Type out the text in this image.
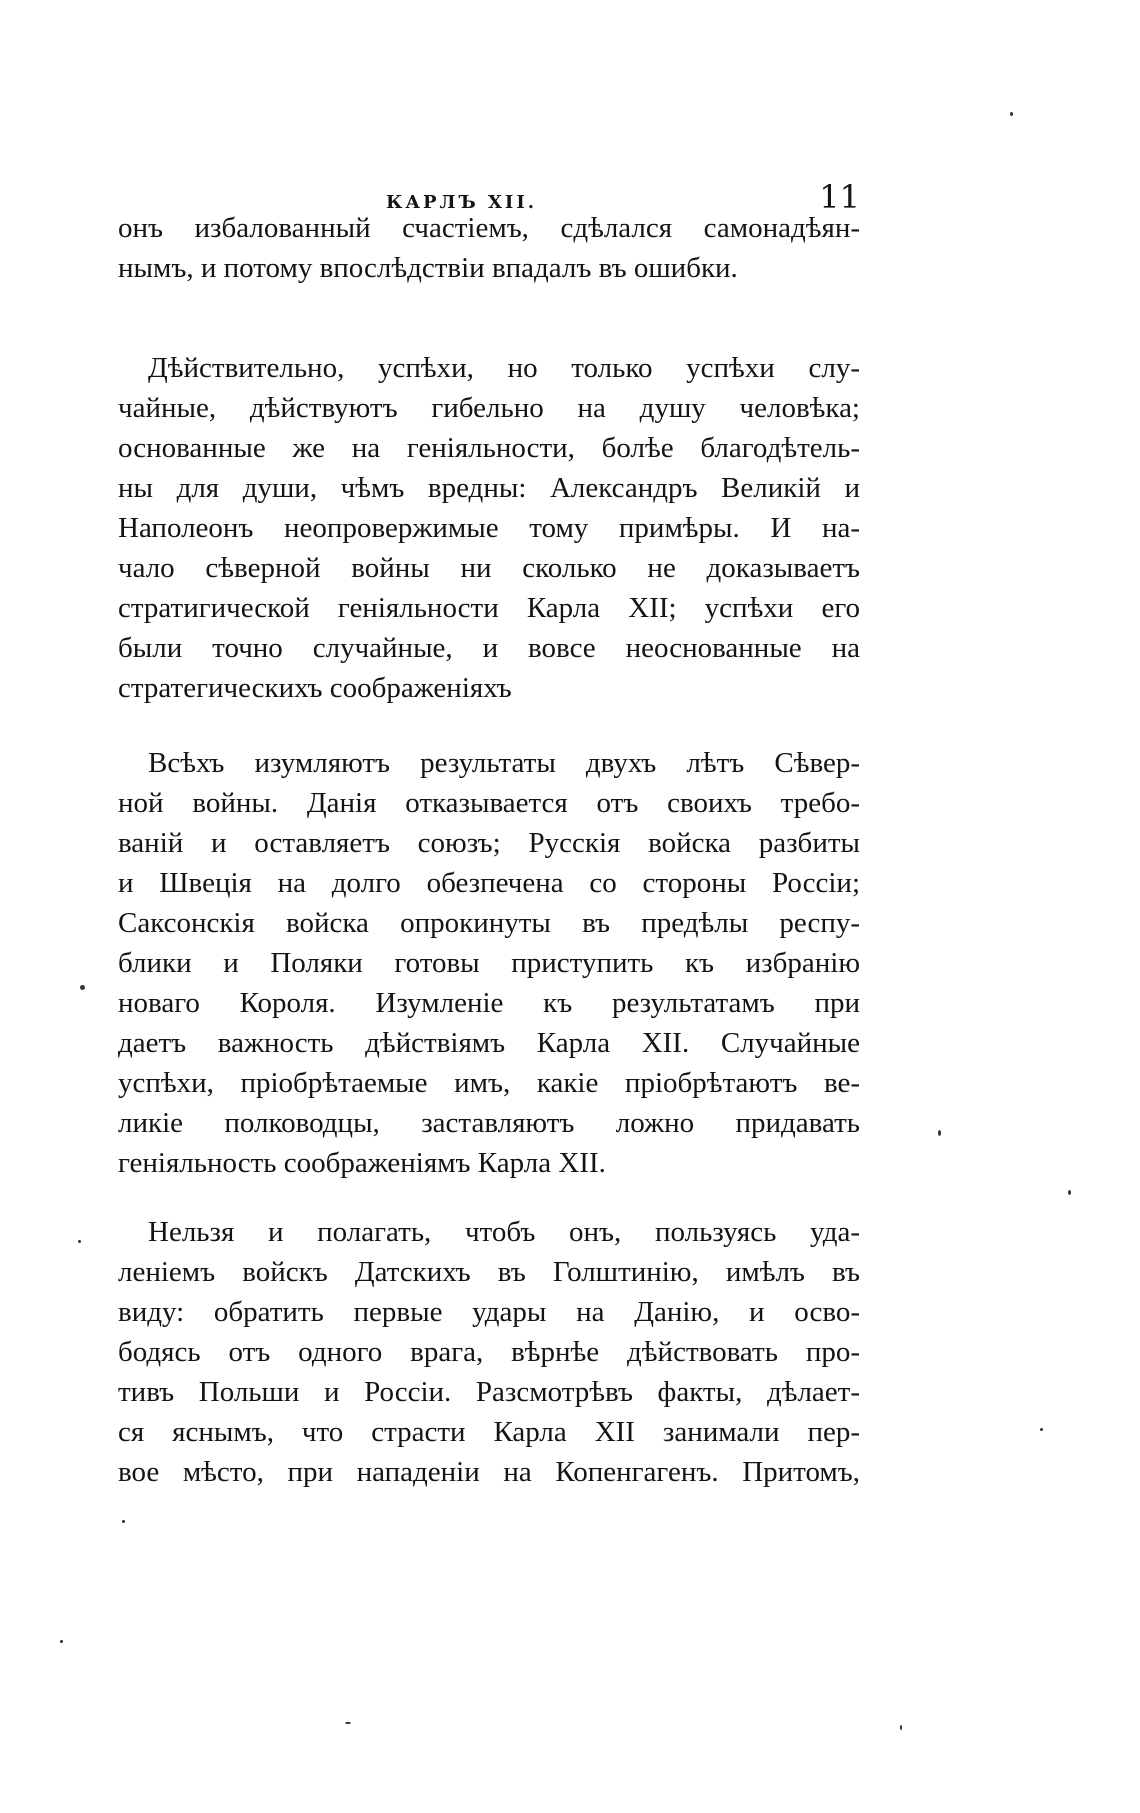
КАРЛЪ XII.	11
онъ избалованный счастіемъ, сдѣлался самонадѣян-
нымъ, и потому впослѣдствіи впадалъ въ ошибки.
Дѣйствительно, успѣхи, но только успѣхи слу-
чайные, дѣйствуютъ гибельно на душу человѣка;
основанные же на геніяльности, болѣе благодѣтель-
ны для души, чѣмъ вредны: Александръ Великій и
Наполеонъ неопровержимые тому примѣры. И на-
чало сѣверной войны ни сколько не доказываетъ
стратигической геніяльности Карла XII; успѣхи его
были точно случайные, и вовсе неоснованные на
стратегическихъ соображеніяхъ
Всѣхъ изумляютъ результаты двухъ лѣтъ Сѣвер-
ной войны. Данія отказывается отъ своихъ требо-
ваній и оставляетъ союзъ; Русскія войска разбиты
и Швеція на долго обезпечена со стороны Россіи;
Саксонскія войска опрокинуты въ предѣлы респу-
блики и Поляки готовы приступить къ избранію
новаго Короля. Изумленіе къ результатамъ при
даетъ важность дѣйствіямъ Карла XII. Случайные
успѣхи, пріобрѣтаемые имъ, какіе пріобрѣтаютъ ве-
ликіе полководцы, заставляютъ ложно придавать
геніяльность соображеніямъ Карла XII.
Нельзя и полагать, чтобъ онъ, пользуясь уда-
леніемъ войскъ Датскихъ въ Голштинію, имѣлъ въ
виду: обратить первые удары на Данію, и осво-
бодясь отъ одного врага, вѣрнѣе дѣйствовать про-
тивъ Польши и Россіи. Разсмотрѣвъ факты, дѣлает-
ся яснымъ, что страсти Карла XII занимали пер-
вое мѣсто, при нападеніи на Копенгагенъ. Притомъ,
